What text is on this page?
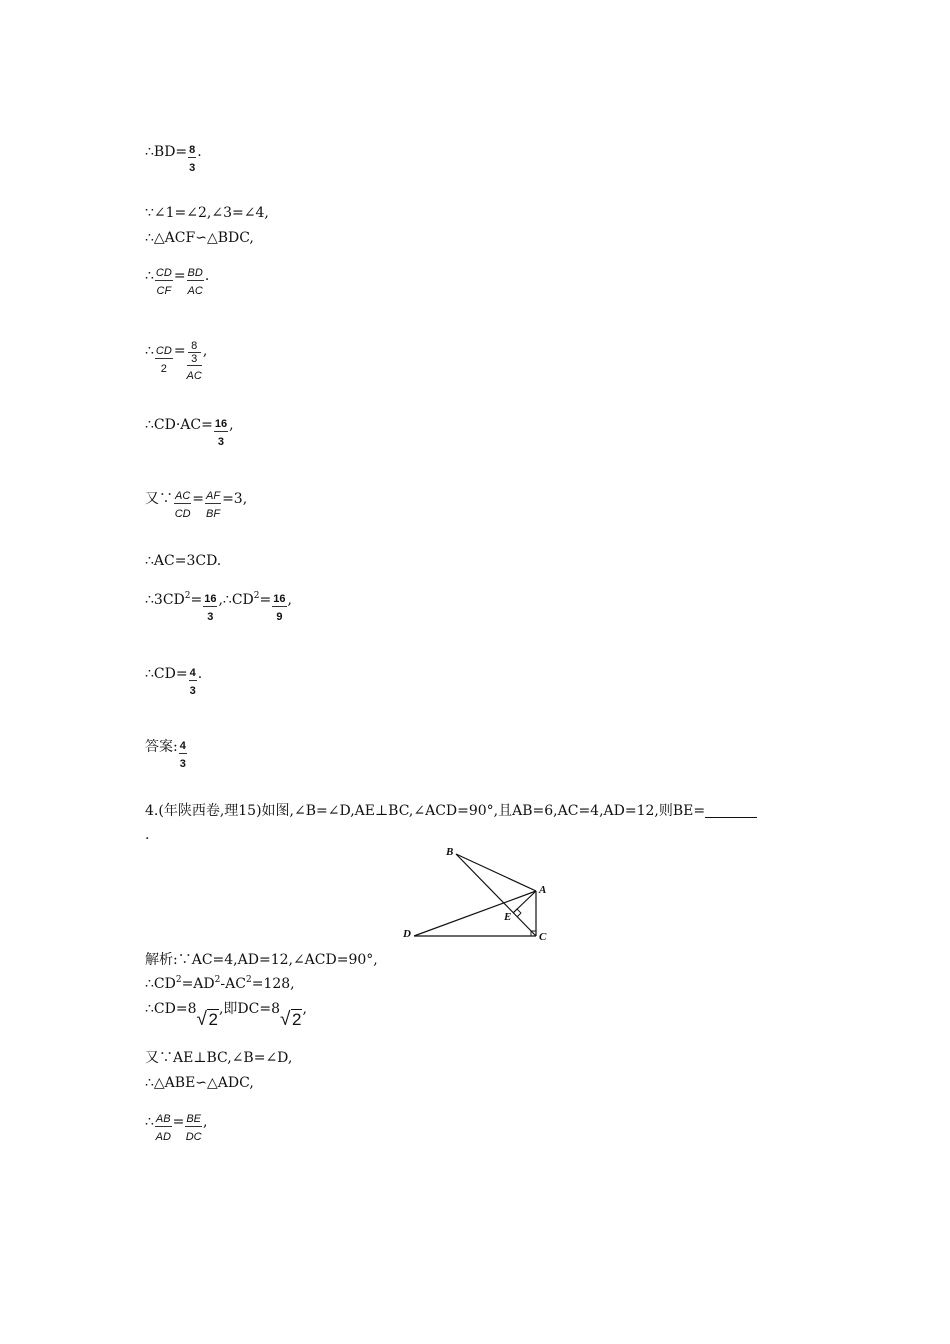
∴BD= $\frac{8}{3}$ .
∵∠1=∠2,∠3=∠4,
∴△ACF∽△BDC,
∴ $\frac{CD}{CF} = \frac{BD}{AC}$ .
∴ $\frac{CD}{2} = 8$
3
AC ,
∴CD·AC= $\frac{16}{3}$ ,
又∵ $\frac{AC}{CD} = \frac{AF}{BF} =3$,
∴AC=3CD.
$\therefore 3CD^2= \frac{16}{3}$ $,\therefore CD^2= \frac{16}{9}$ ,
∴CD= $\frac{4}{3}$ .
答案: $\frac{4}{3}$
4.(年陕西卷,理15)如图,∠B=∠D,AE⊥BC,∠ACD=90°,且AB=6,AC=4,AD=12,则BE=
.
B
A
E
D	C
解析:∵AC=4,AD=12,∠ACD=90°,
$\therefore CD^2=AD^2-AC^2=128$,
∴CD=8 √ 2,即DC=8 √ 2,
又∵AE⊥BC,∠B=∠D,
∴△ABE∽△ADC,
∴ $\frac{AB}{AD} = \frac{BE}{DC}$ ,
